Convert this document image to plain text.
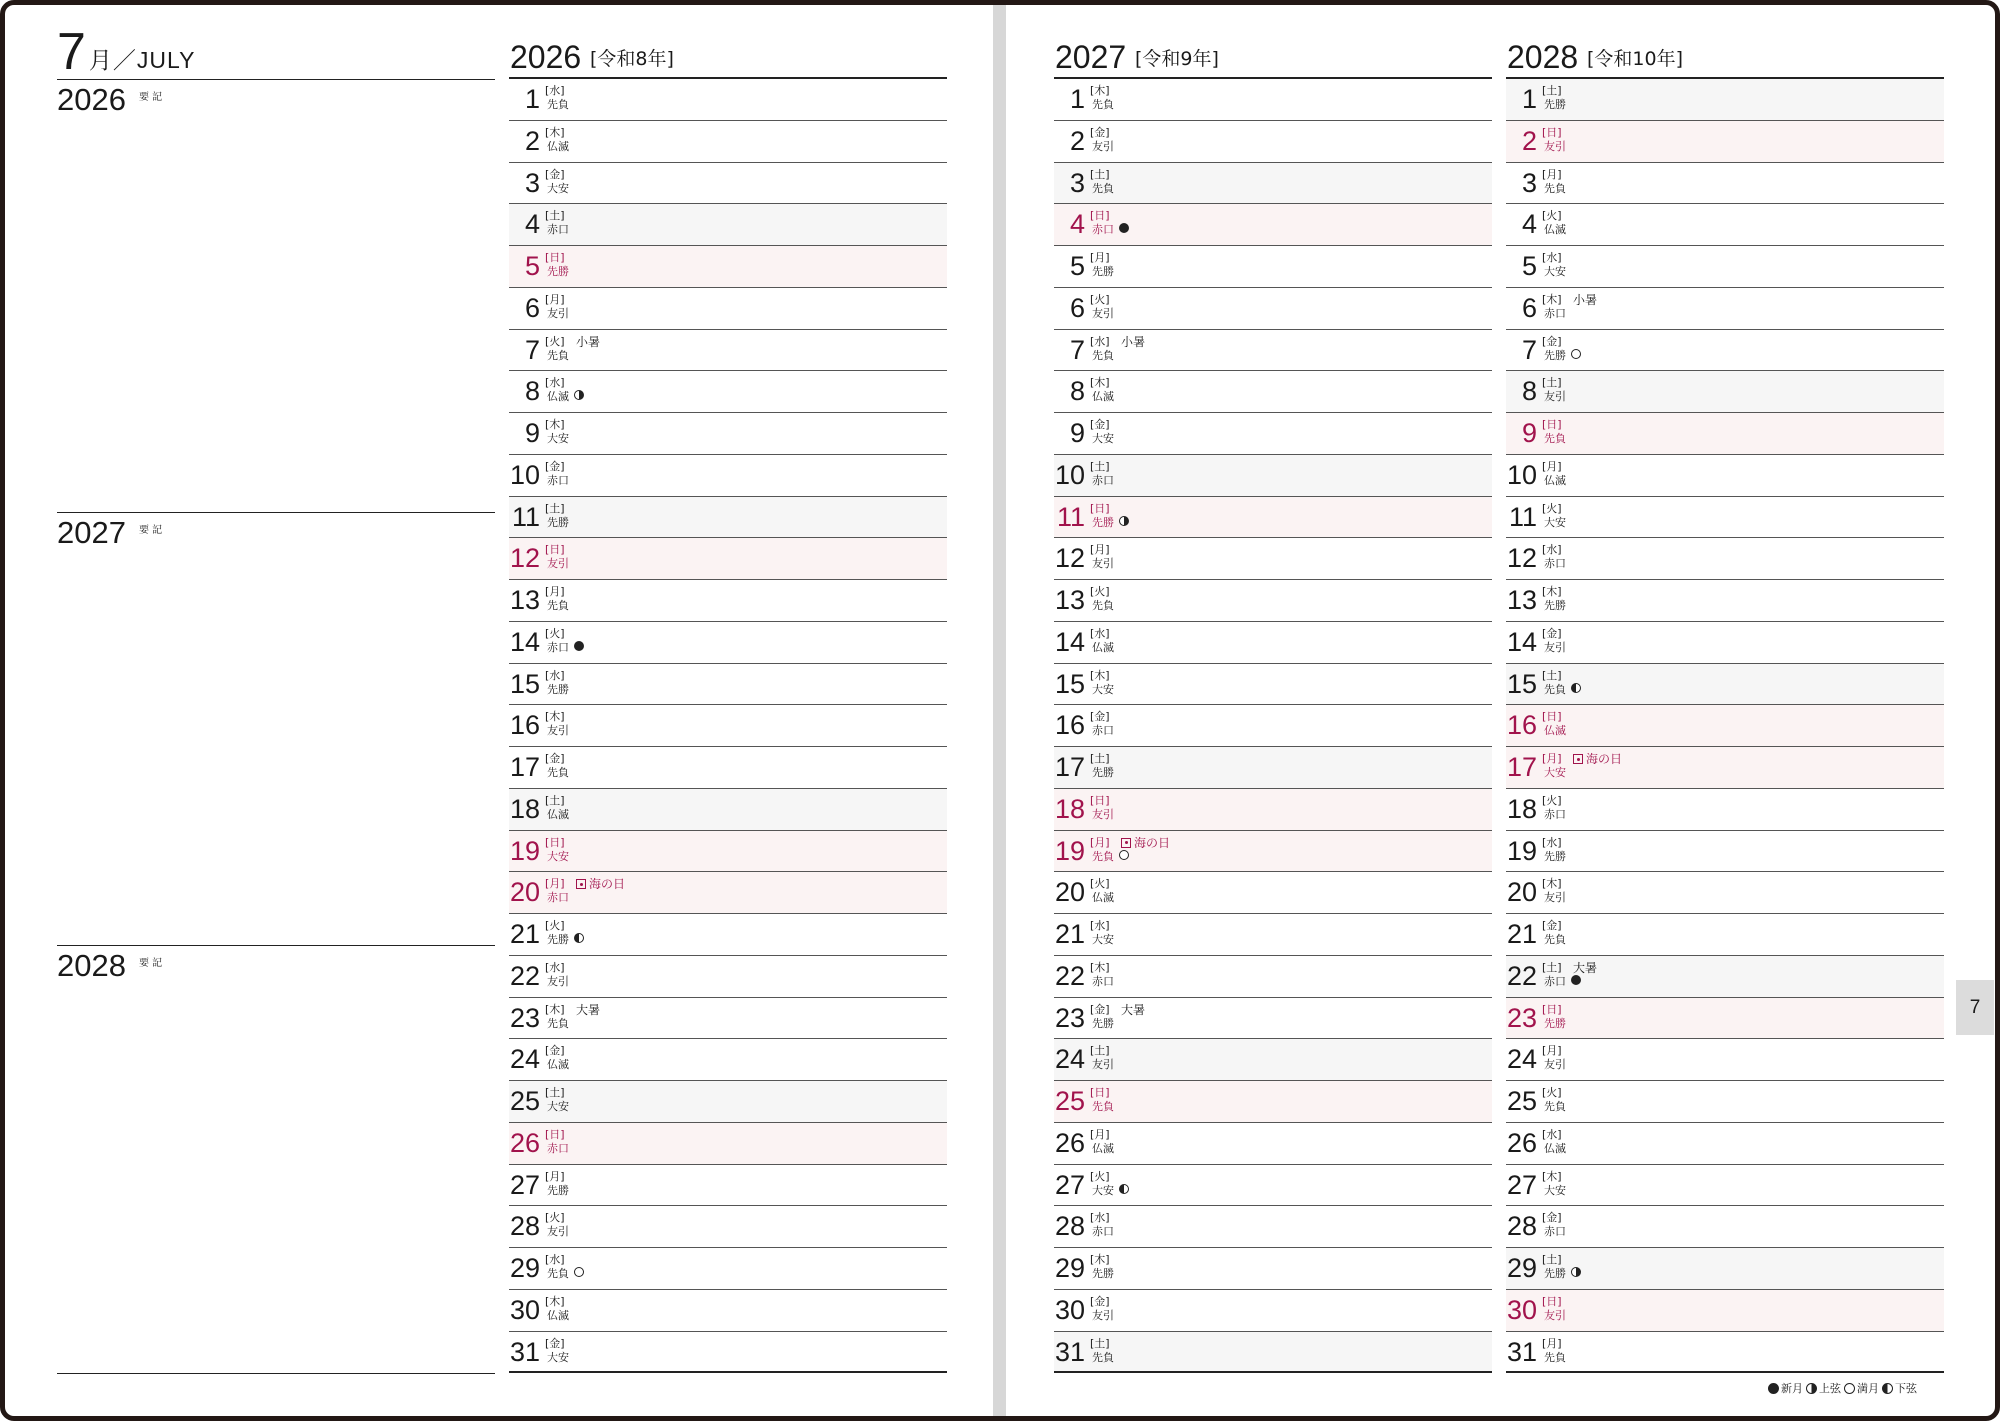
7 月／JULY
2026 要 記
2027 要 記
2028 要 記
2026 [令和8年]
1 [水]
先負
2 [木]
仏滅
3 [金]
大安
4 [土]
赤口
5 [日]
先勝
6 [月]
友引
7 [火]
先負
小暑
8 [水]
仏滅
9 [木]
大安
10 [金]
赤口
11 [土]
先勝
12 [日]
友引
13 [月]
先負
14 [火]
赤口
15 [水]
先勝
16 [木]
友引
17 [金]
先負
18 [土]
仏滅
19 [日]
大安
20 [月]
赤口
海の日
21 [火]
先勝
22 [水]
友引
23 [木]
先負
大暑
24 [金]
仏滅
25 [土]
大安
26 [日]
赤口
27 [月]
先勝
28 [火]
友引
29 [水]
先負
30 [木]
仏滅
31 [金]
大安
2027 [令和9年]
1 [木]
先負
2 [金]
友引
3 [土]
先負
4 [日]
赤口
5 [月]
先勝
6 [火]
友引
7 [水]
先負
小暑
8 [木]
仏滅
9 [金]
大安
10 [土]
赤口
11 [日]
先勝
12 [月]
友引
13 [火]
先負
14 [水]
仏滅
15 [木]
大安
16 [金]
赤口
17 [土]
先勝
18 [日]
友引
19 [月]
先負
海の日
20 [火]
仏滅
21 [水]
大安
22 [木]
赤口
23 [金]
先勝
大暑
24 [土]
友引
25 [日]
先負
26 [月]
仏滅
27 [火]
大安
28 [水]
赤口
29 [木]
先勝
30 [金]
友引
31 [土]
先負
2028 [令和10年]
1 [土]
先勝
2 [日]
友引
3 [月]
先負
4 [火]
仏滅
5 [水]
大安
6 [木]
赤口
小暑
7 [金]
先勝
8 [土]
友引
9 [日]
先負
10 [月]
仏滅
11 [火]
大安
12 [水]
赤口
13 [木]
先勝
14 [金]
友引
15 [土]
先負
16 [日]
仏滅
17 [月]
大安
海の日
18 [火]
赤口
19 [水]
先勝
20 [木]
友引
21 [金]
先負
22 [土]
赤口
大暑
23 [日]
先勝
24 [月]
友引
25 [火]
先負
26 [水]
仏滅
27 [木]
大安
28 [金]
赤口
29 [土]
先勝
30 [日]
友引
31 [月]
先負
7
新月 上弦 満月 下弦
